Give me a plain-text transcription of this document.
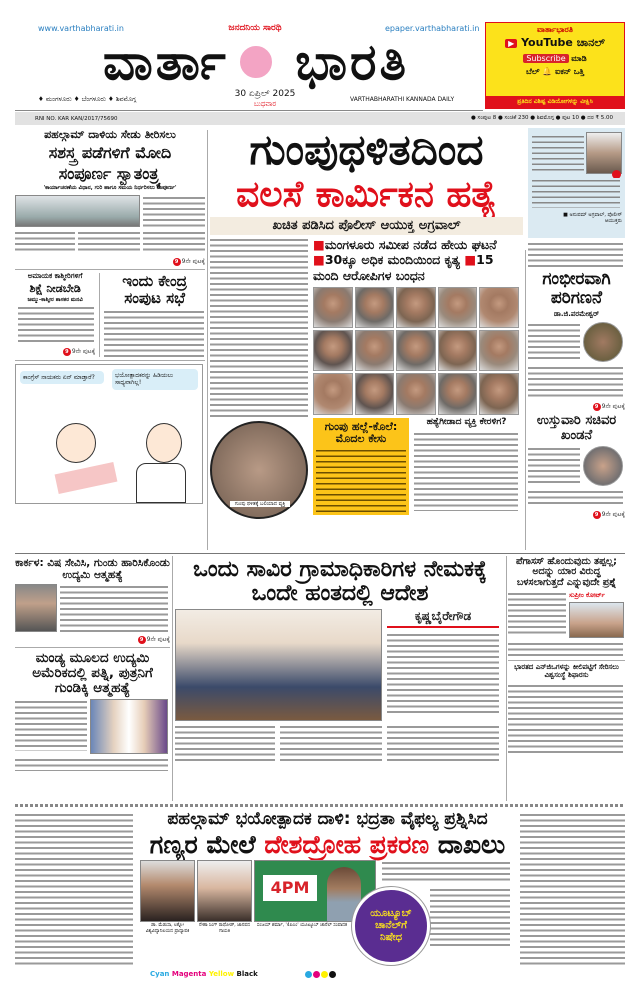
www.varthabharati.in	epaper.varthabharati.in
ಜನದನಿಯ ಸಾರಥಿ
ವಾರ್ತಾ ಭಾರತಿ
♦ ಮಂಗಳೂರು ♦ ಬೆಂಗಳೂರು ♦ ಶಿವಮೊಗ್ಗ	30 ಏಪ್ರಿಲ್ 2025
ಬುಧವಾರ
VARTHABHARATHI KANNADA DAILY
ವಾರ್ತಾಭಾರತಿ
▶ YouTube ಚಾನಲ್
Subscribe ಮಾಡಿ
ಬೆಲ್ 🔔 ಐಕನ್ ಒತ್ತಿ
ಪ್ರತಿದಿನ ವಿಶಿಷ್ಟ ವಿಡಿಯೋಗಳನ್ನು ವೀಕ್ಷಿಸಿ
RNI NO. KAR KAN/2017/75690	● ಸಂಪುಟ 8 ● ಸಂಚಿಕೆ 230 ● ಶಿವಮೊಗ್ಗ ● ಪುಟ 10 ● ದರ ₹ 5.00
ಪಹಲ್ಗಾಮ್ ದಾಳಿಯ ಸೇಡು ತೀರಿಸಲು
ಸಶಸ್ತ್ರ ಪಡೆಗಳಿಗೆ ಮೋದಿ
ಸಂಪೂರ್ಣ ಸ್ವಾತಂತ್ರ್ಯ
'ಕಾರ್ಯಾಚರಣೆಯ ವಿಧಾನ, ಗುರಿ ಹಾಗೂ ಸಮಯ ನಿರ್ಧರಿಸಲು ಸಂಪೂರ್ಣ'
9 9ನೇ ಪುಟಕ್ಕೆ
ಅಮಾಯಕ ಕಾಶ್ಮೀರಿಗಳಿಗೆ
ಶಿಕ್ಷೆ ನೀಡಬೇಡಿ
ಜಮ್ಮು-ಕಾಶ್ಮೀರ ಶಾಸಕರ ಮನವಿ
9 9ನೇ ಪುಟಕ್ಕೆ
ಇಂದು ಕೇಂದ್ರ ಸಂಪುಟ ಸಭೆ
ಕಾಂಗ್ರೆಸ್ ನಾಯಕರು ಏನ್ ಮಾಡ್ತಾರೆ?	ಭಯೋತ್ಪಾದಕರನ್ನು ಹಿಡಿಯಲು ಸಾಧ್ಯವಾಗಿಲ್ಲ!
ಗುಂಪುಥಳಿತದಿಂದ
ವಲಸೆ ಕಾರ್ಮಿಕನ ಹತ್ಯೆ
ಖಚಿತ ಪಡಿಸಿದ ಪೊಲೀಸ್ ಆಯುಕ್ತ ಅಗ್ರವಾಲ್
ಗುಂಪು ಥಳಿತಕ್ಕೆ ಬಲಿಯಾದ ವ್ಯಕ್ತಿ
■ಮಂಗಳೂರು ಸಮೀಪ ನಡೆದ ಹೇಯ ಘಟನೆ ■30ಕ್ಕೂ ಅಧಿಕ ಮಂದಿಯಿಂದ ಕೃತ್ಯ ■15 ಮಂದಿ ಆರೋಪಿಗಳ ಬಂಧನ
ಗುಂಪು ಹಲ್ಲೆ-ಕೊಲೆ: ಮೊದಲ ಕೇಸು
ಹತ್ಯೆಗೀಡಾದ ವ್ಯಕ್ತಿ ಕೇರಳಿಗ?
■ ಅನುಪಮ್ ಅಗ್ರವಾಲ್, ಪೊಲೀಸ್ ಆಯುಕ್ತರು
ಗಂಭೀರವಾಗಿ ಪರಿಗಣನೆ
ಡಾ.ಜಿ.ಪರಮೇಶ್ವರ್
9 9ನೇ ಪುಟಕ್ಕೆ
ಉಸ್ತುವಾರಿ ಸಚಿವರ ಖಂಡನೆ
9 9ನೇ ಪುಟಕ್ಕೆ
ಕಾರ್ಕಳ: ವಿಷ ಸೇವಿಸಿ, ಗುಂಡು ಹಾರಿಸಿಕೊಂಡು ಉದ್ಯಮಿ ಆತ್ಮಹತ್ಯೆ
9 9ನೇ ಪುಟಕ್ಕೆ
ಮಂಡ್ಯ ಮೂಲದ ಉದ್ಯಮಿ ಅಮೆರಿಕದಲ್ಲಿ ಪತ್ನಿ, ಪುತ್ರನಿಗೆ ಗುಂಡಿಕ್ಕಿ ಆತ್ಮಹತ್ಯೆ
ಒಂದು ಸಾವಿರ ಗ್ರಾಮಾಧಿಕಾರಿಗಳ ನೇಮಕಕ್ಕೆ ಒಂದೇ ಹಂತದಲ್ಲಿ ಆದೇಶ
ಕೃಷ್ಣಬೈರೇಗೌಡ
ಪೆಗಾಸಸ್ ಹೊಂದುವುದು ತಪ್ಪಲ್ಲ; ಅದನ್ನು ಯಾರ ವಿರುದ್ಧ ಬಳಸಲಾಗುತ್ತದೆ ಎನ್ನುವುದೇ ಪ್ರಶ್ನೆ
ಸುಪ್ರೀಂ ಕೋರ್ಟ್
ಭಾರತದ ಎನ್‌ಜಿಒಗಳನ್ನು ಕೀಲಿಪಟ್ಟಿಗೆ ಸೇರಿಸಲು ವಿಶ್ವಸಂಸ್ಥೆ ಶಿಫಾರಸು
ಪಹಲ್ಗಾಮ್ ಭಯೋತ್ಪಾದಕ ದಾಳಿ: ಭದ್ರತಾ ವೈಫಲ್ಯ ಪ್ರಶ್ನಿಸಿದ
ಗಣ್ಯರ ಮೇಲೆ ದೇಶದ್ರೋಹ ಪ್ರಕರಣ ದಾಖಲು
ಡಾ. ಮೆಡುಸಾ, ಲಕ್ನೋ ವಿಶ್ವವಿದ್ಯಾನಿಲಯದ ಪ್ರಾಧ್ಯಾಪಕಿ
ನೇಹಾ ಸಿಂಗ್ ರಾಥೋಡ್, ಜಾನಪದ ಗಾಯಕಿ
4PM
ಸಂಜಯ್ ಶರ್ಮಾ, '4ಪಿಎಂ' ಯೂಟ್ಯೂಬ್ ಚಾನೆಲ್ ಸಂಪಾದಕ
ಯೂಟ್ಯೂಬ್ ಚಾನೆಲ್‌ಗೆ ನಿಷೇಧ
Cyan Magenta Yellow Black
